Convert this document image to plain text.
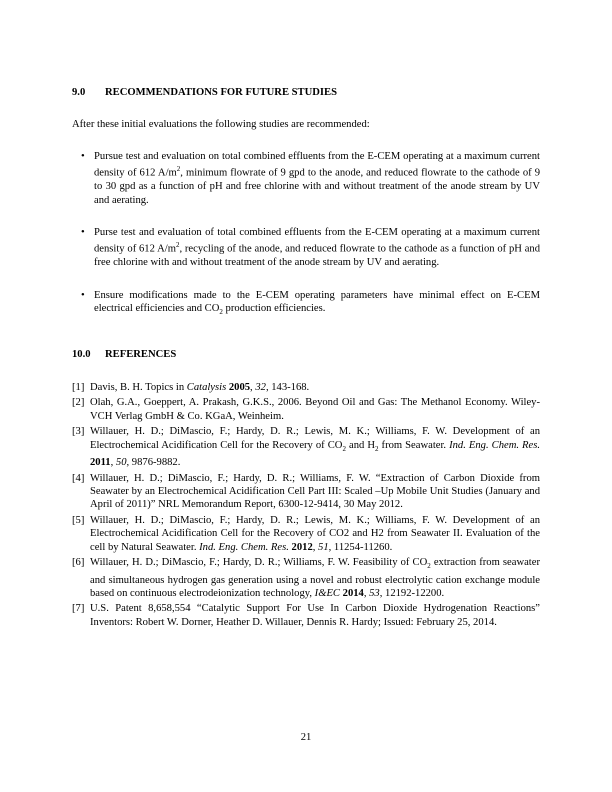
9.0	RECOMMENDATIONS FOR FUTURE STUDIES

After these initial evaluations the following studies are recommended:

• Pursue test and evaluation on total combined effluents from the E-CEM operating at a maximum current density of 612 $A/m^2$, minimum flowrate of 9 gpd to the anode, and reduced flowrate to the cathode of 9 to 30 gpd as a function of pH and free chlorine with and without treatment of the anode stream by UV and aerating.
• Purse test and evaluation of total combined effluents from the E-CEM operating at a maximum current density of 612 $A/m^2$, recycling of the anode, and reduced flowrate to the cathode as a function of pH and free chlorine with and without treatment of the anode stream by UV and aerating.
• Ensure modifications made to the E-CEM operating parameters have minimal effect on E-CEM electrical efficiencies and $CO_2$ production efficiencies.
10.0	REFERENCES
[1] Davis, B. H. Topics in Catalysis 2005, 32, 143-168.
[2] Olah, G.A., Goeppert, A. Prakash, G.K.S., 2006. Beyond Oil and Gas: The Methanol Economy. Wiley-VCH Verlag GmbH & Co. KGaA, Weinheim.
[3] Willauer, H. D.; DiMascio, F.; Hardy, D. R.; Lewis, M. K.; Williams, F. W. Development of an Electrochemical Acidification Cell for the Recovery of $CO_2$ and $H_2$ from Seawater. Ind. Eng. Chem. Res. 2011, 50, 9876-9882.
[4] Willauer, H. D.; DiMascio, F.; Hardy, D. R.; Williams, F. W. “Extraction of Carbon Dioxide from Seawater by an Electrochemical Acidification Cell Part III: Scaled –Up Mobile Unit Studies (January and April of 2011)” NRL Memorandum Report, 6300-12-9414, 30 May 2012.
[5] Willauer, H. D.; DiMascio, F.; Hardy, D. R.; Lewis, M. K.; Williams, F. W. Development of an Electrochemical Acidification Cell for the Recovery of CO2 and H2 from Seawater II. Evaluation of the cell by Natural Seawater. Ind. Eng. Chem. Res. 2012, 51, 11254-11260.
[6] Willauer, H. D.; DiMascio, F.; Hardy, D. R.; Williams, F. W. Feasibility of $CO_2$ extraction from seawater and simultaneous hydrogen gas generation using a novel and robust electrolytic cation exchange module based on continuous electrodeionization technology, I&EC 2014, 53, 12192-12200.
[7] U.S. Patent 8,658,554 “Catalytic Support For Use In Carbon Dioxide Hydrogenation Reactions” Inventors: Robert W. Dorner, Heather D. Willauer, Dennis R. Hardy; Issued: February 25, 2014.
21
